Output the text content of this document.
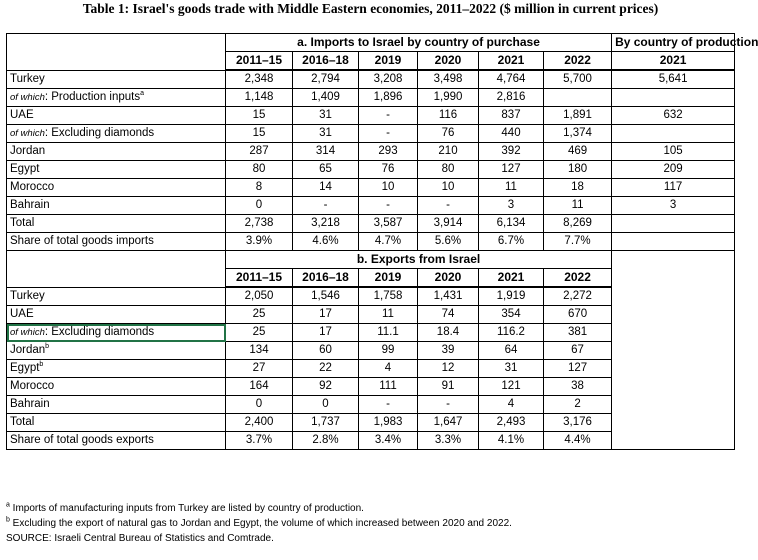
Table 1: Israel's goods trade with Middle Eastern economies, 2011–2022 ($ million in current prices)
	a. Imports to Israel by country of purchase						By country of production
	2011–15	2016–18	2019	2020	2021	2022	2021
Turkey	2,348	2,794	3,208	3,498	4,764	5,700	5,641
of which: Production inputs$^a$	1,148	1,409	1,896	1,990	2,816		
UAE	15	31	-	116	837	1,891	632
of which: Excluding diamonds	15	31	-	76	440	1,374	
Jordan	287	314	293	210	392	469	105
Egypt	80	65	76	80	127	180	209
Morocco	8	14	10	10	11	18	117
Bahrain	0	-	-	-	3	11	3
Total	2,738	3,218	3,587	3,914	6,134	8,269	
Share of total goods imports	3.9%	4.6%	4.7%	5.6%	6.7%	7.7%	
	b. Exports from Israel						
	2011–15	2016–18	2019	2020	2021	2022	
Turkey	2,050	1,546	1,758	1,431	1,919	2,272	
UAE	25	17	11	74	354	670	
of which: Excluding diamonds	25	17	11.1	18.4	116.2	381	
Jordan$^b$	134	60	99	39	64	67	
Egypt$^b$	27	22	4	12	31	127	
Morocco	164	92	111	91	121	38	
Bahrain	0	0	-	-	4	2	
Total	2,400	1,737	1,983	1,647	2,493	3,176	
Share of total goods exports	3.7%	2.8%	3.4%	3.3%	4.1%	4.4%	
$^a$ Imports of manufacturing inputs from Turkey are listed by country of production.
$^b$ Excluding the export of natural gas to Jordan and Egypt, the volume of which increased between 2020 and 2022.
SOURCE: Israeli Central Bureau of Statistics and Comtrade.
